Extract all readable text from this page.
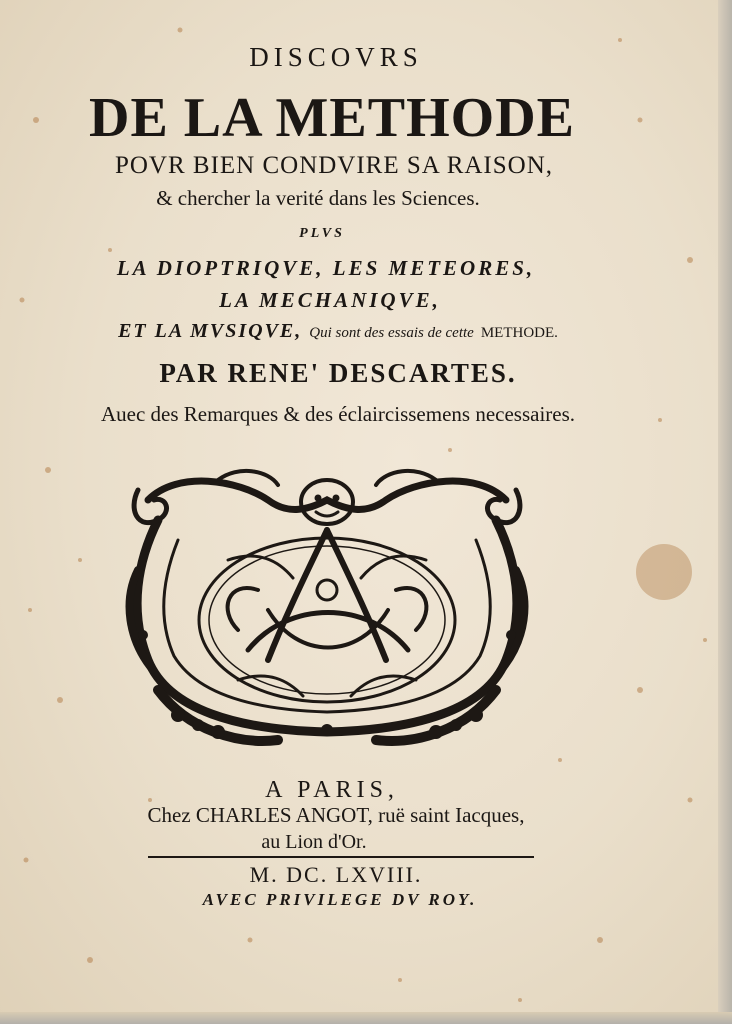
DISCOVRS
DE LA METHODE
POVR BIEN CONDVIRE SA RAISON,
& chercher la verité dans les Sciences.
PLVS
LA DIOPTRIQVE, LES METEORES,
LA MECHANIQVE,
ET LA MVSIQVE, Qui sont des essais de cette METHODE.
PAR RENE' DESCARTES.
Auec des Remarques & des éclaircissemens necessaires.
A PARIS,
Chez CHARLES ANGOT, ruë saint Iacques,
au Lion d'Or.
M. DC. LXVIII.
AVEC PRIVILEGE DV ROY.
